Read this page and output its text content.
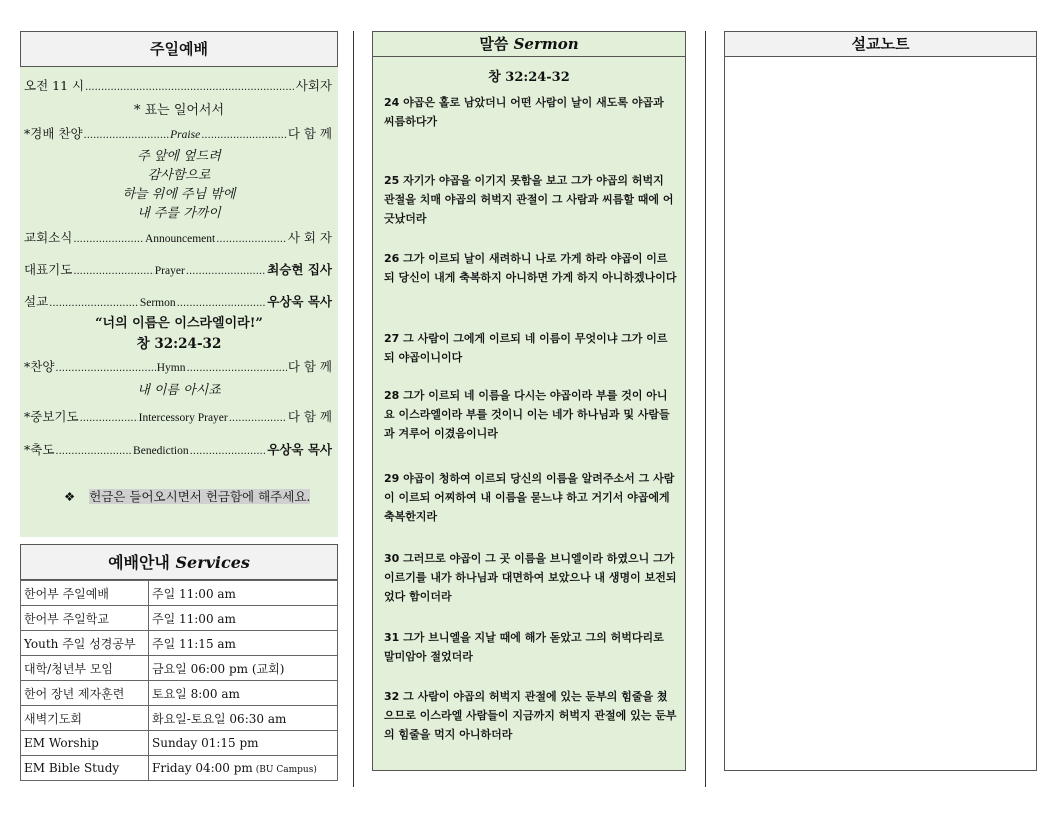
주일예배
오전 11 시 .....	사회자
* 표는 일어서서
*경배 찬양 .....	Praise .....	다 함 께
주 앞에 엎드려
감사함으로
하늘 위에 주님 밖에
내 주를 가까이
교회소식 .....	Announcement .....	사 회 자
대표기도 .....	Prayer .....	최승현 집사
설교 .....	Sermon .....	우상욱 목사
“너의 이름은 이스라엘이라!”
창 32:24-32
*찬양 .....	Hymn .....	다 함 께
내 이름 아시죠
*중보기도 .....	Intercessory Prayer .....	다 함 께
*축도 .....	Benediction .....	우상욱 목사
❖ 헌금은 들어오시면서 헌금함에 해주세요.
예배안내 Services
한어부 주일예배	주일 11:00 am
한어부 주일학교	주일 11:00 am
Youth 주일 성경공부	주일 11:15 am
대학/청년부 모임	금요일 06:00 pm (교회)
한어 장년 제자훈련	토요일 8:00 am
새벽기도회	화요일-토요일 06:30 am
EM Worship	Sunday 01:15 pm
EM Bible Study	Friday 04:00 pm (BU Campus)
말씀 Sermon
창 32:24-32
24 야곱은 홀로 남았더니 어떤 사람이 날이 새도록 야곱과 씨름하다가
25 자기가 야곱을 이기지 못함을 보고 그가 야곱의 허벅지 관절을 치매 야곱의 허벅지 관절이 그 사람과 씨름할 때에 어긋났더라
26 그가 이르되 날이 새려하니 나로 가게 하라 야곱이 이르되 당신이 내게 축복하지 아니하면 가게 하지 아니하겠나이다
27 그 사람이 그에게 이르되 네 이름이 무엇이냐 그가 이르되 야곱이니이다
28 그가 이르되 네 이름을 다시는 야곱이라 부를 것이 아니요 이스라엘이라 부를 것이니 이는 네가 하나님과 및 사람들과 겨루어 이겼음이니라
29 야곱이 청하여 이르되 당신의 이름을 알려주소서 그 사람이 이르되 어찌하여 내 이름을 묻느냐 하고 거기서 야곱에게 축복한지라
30 그러므로 야곱이 그 곳 이름을 브니엘이라 하였으니 그가 이르기를 내가 하나님과 대면하여 보았으나 내 생명이 보전되었다 함이더라
31 그가 브니엘을 지날 때에 해가 돋았고 그의 허벅다리로 말미암아 절었더라
32 그 사람이 야곱의 허벅지 관절에 있는 둔부의 힘줄을 쳤으므로 이스라엘 사람들이 지금까지 허벅지 관절에 있는 둔부의 힘줄을 먹지 아니하더라
설교노트
